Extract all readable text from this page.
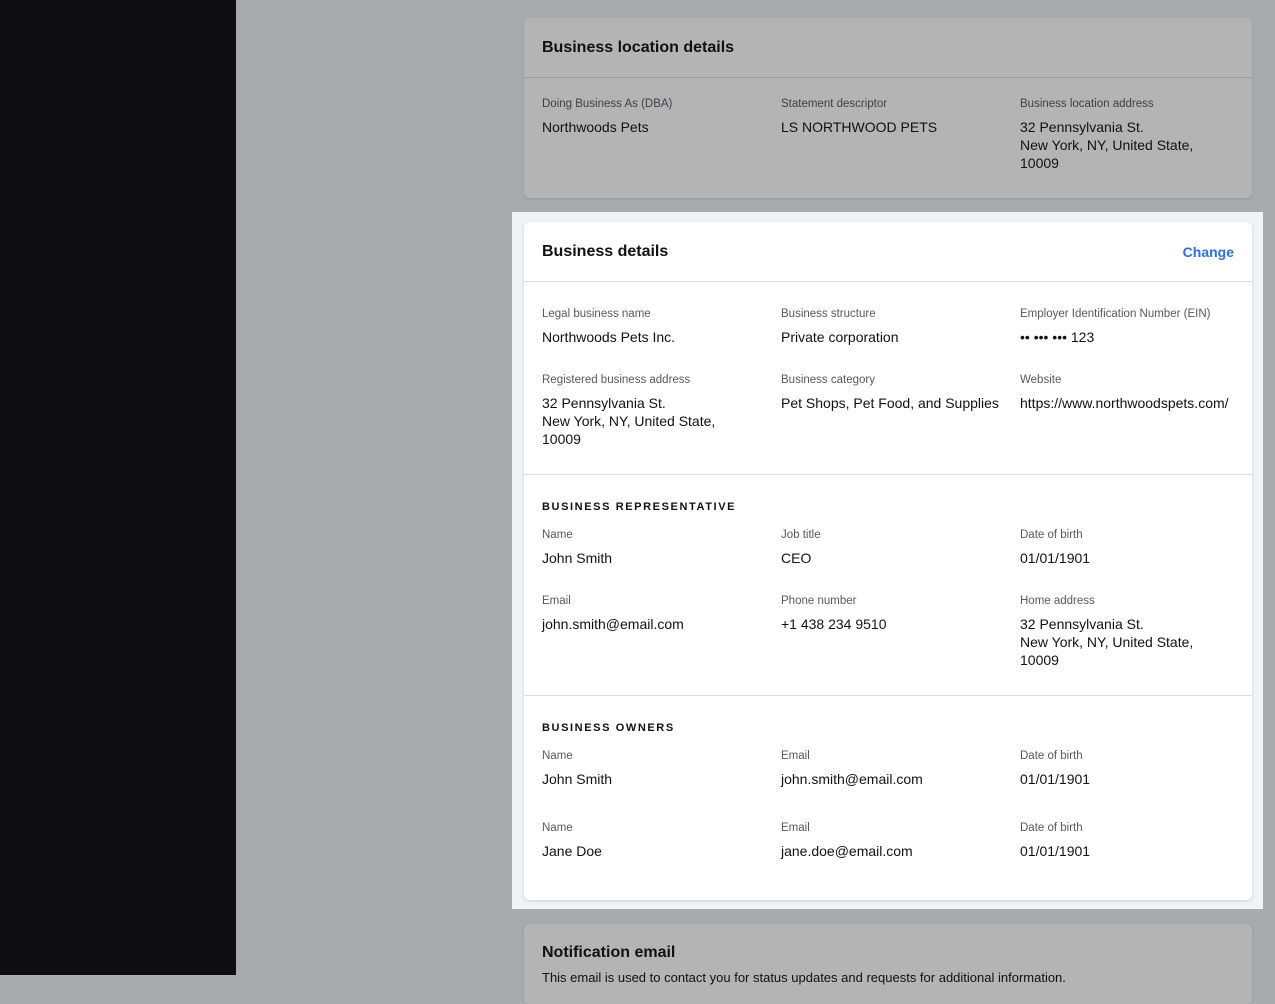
Business location details
Doing Business As (DBA)
Northwoods Pets
Statement descriptor
LS NORTHWOOD PETS
Business location address
32 Pennsylvania St.
New York, NY, United State,
10009
Business details	Change
Legal business name
Northwoods Pets Inc.
Business structure
Private corporation
Employer Identification Number (EIN)
•• ••• ••• 123
Registered business address
32 Pennsylvania St.
New York, NY, United State,
10009
Business category
Pet Shops, Pet Food, and Supplies
Website
https://www.northwoodspets.com/
BUSINESS REPRESENTATIVE
Name
John Smith
Job title
CEO
Date of birth
01/01/1901
Email
john.smith@email.com
Phone number
+1 438 234 9510
Home address
32 Pennsylvania St.
New York, NY, United State,
10009
BUSINESS OWNERS
Name
John Smith
Email
john.smith@email.com
Date of birth
01/01/1901
Name
Jane Doe
Email
jane.doe@email.com
Date of birth
01/01/1901
Notification email
This email is used to contact you for status updates and requests for additional information.
